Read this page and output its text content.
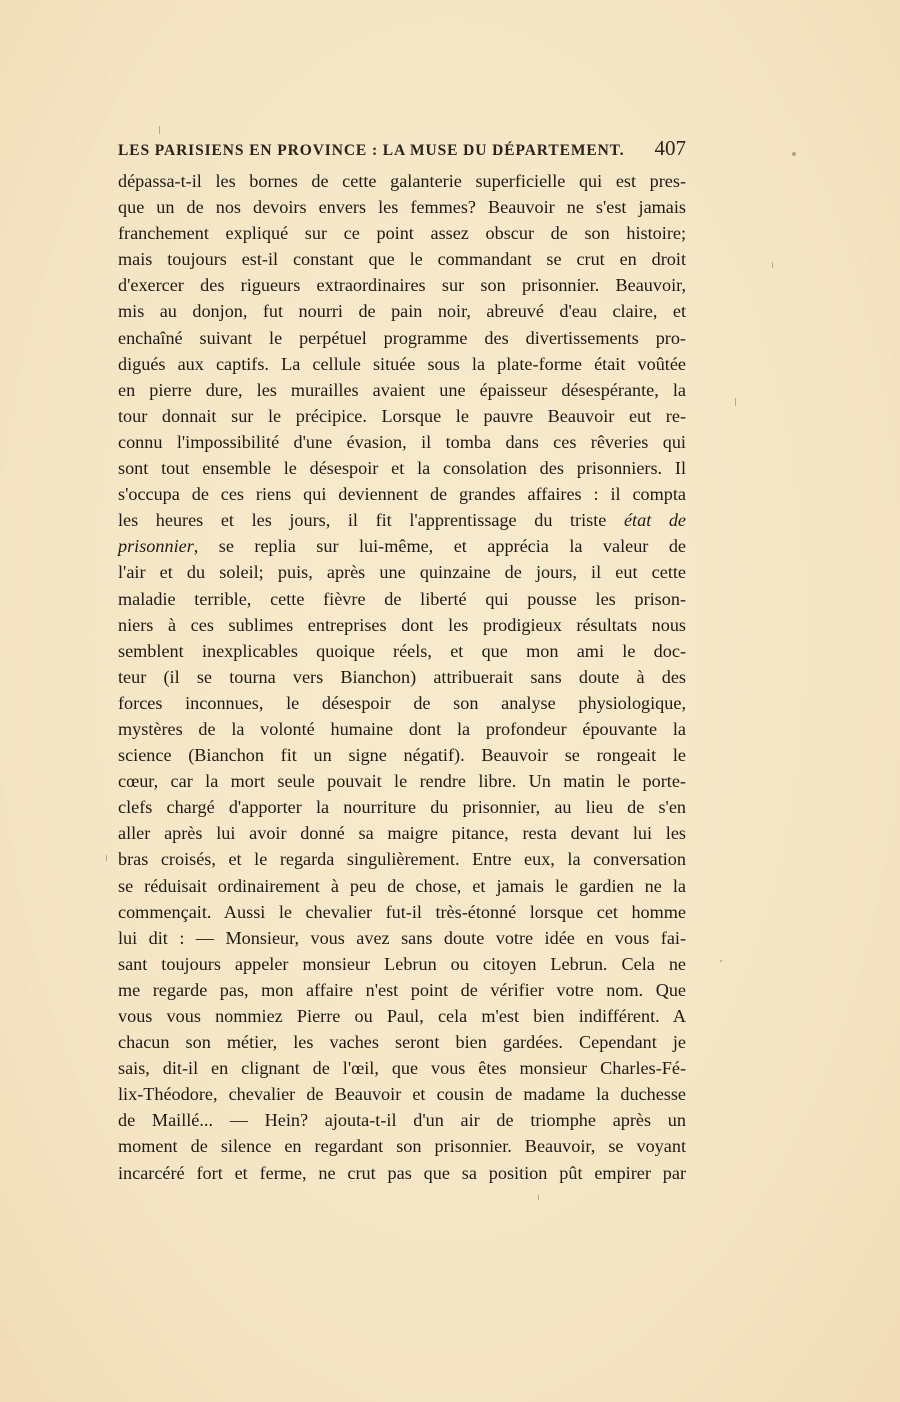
LES PARISIENS EN PROVINCE : LA MUSE DU DÉPARTEMENT. 407
dépassa-t-il les bornes de cette galanterie superficielle qui est pres-
que un de nos devoirs envers les femmes? Beauvoir ne s'est jamais
franchement expliqué sur ce point assez obscur de son histoire;
mais toujours est-il constant que le commandant se crut en droit
d'exercer des rigueurs extraordinaires sur son prisonnier. Beauvoir,
mis au donjon, fut nourri de pain noir, abreuvé d'eau claire, et
enchaîné suivant le perpétuel programme des divertissements pro-
digués aux captifs. La cellule située sous la plate-forme était voûtée
en pierre dure, les murailles avaient une épaisseur désespérante, la
tour donnait sur le précipice. Lorsque le pauvre Beauvoir eut re-
connu l'impossibilité d'une évasion, il tomba dans ces rêveries qui
sont tout ensemble le désespoir et la consolation des prisonniers. Il
s'occupa de ces riens qui deviennent de grandes affaires : il compta
les heures et les jours, il fit l'apprentissage du triste état de
prisonnier, se replia sur lui-même, et apprécia la valeur de
l'air et du soleil; puis, après une quinzaine de jours, il eut cette
maladie terrible, cette fièvre de liberté qui pousse les prison-
niers à ces sublimes entreprises dont les prodigieux résultats nous
semblent inexplicables quoique réels, et que mon ami le doc-
teur (il se tourna vers Bianchon) attribuerait sans doute à des
forces inconnues, le désespoir de son analyse physiologique,
mystères de la volonté humaine dont la profondeur épouvante la
science (Bianchon fit un signe négatif). Beauvoir se rongeait le
cœur, car la mort seule pouvait le rendre libre. Un matin le porte-
clefs chargé d'apporter la nourriture du prisonnier, au lieu de s'en
aller après lui avoir donné sa maigre pitance, resta devant lui les
bras croisés, et le regarda singulièrement. Entre eux, la conversation
se réduisait ordinairement à peu de chose, et jamais le gardien ne la
commençait. Aussi le chevalier fut-il très-étonné lorsque cet homme
lui dit : — Monsieur, vous avez sans doute votre idée en vous fai-
sant toujours appeler monsieur Lebrun ou citoyen Lebrun. Cela ne
me regarde pas, mon affaire n'est point de vérifier votre nom. Que
vous vous nommiez Pierre ou Paul, cela m'est bien indifférent. A
chacun son métier, les vaches seront bien gardées. Cependant je
sais, dit-il en clignant de l'œil, que vous êtes monsieur Charles-Fé-
lix-Théodore, chevalier de Beauvoir et cousin de madame la duchesse
de Maillé... — Hein? ajouta-t-il d'un air de triomphe après un
moment de silence en regardant son prisonnier. Beauvoir, se voyant
incarcéré fort et ferme, ne crut pas que sa position pût empirer par
